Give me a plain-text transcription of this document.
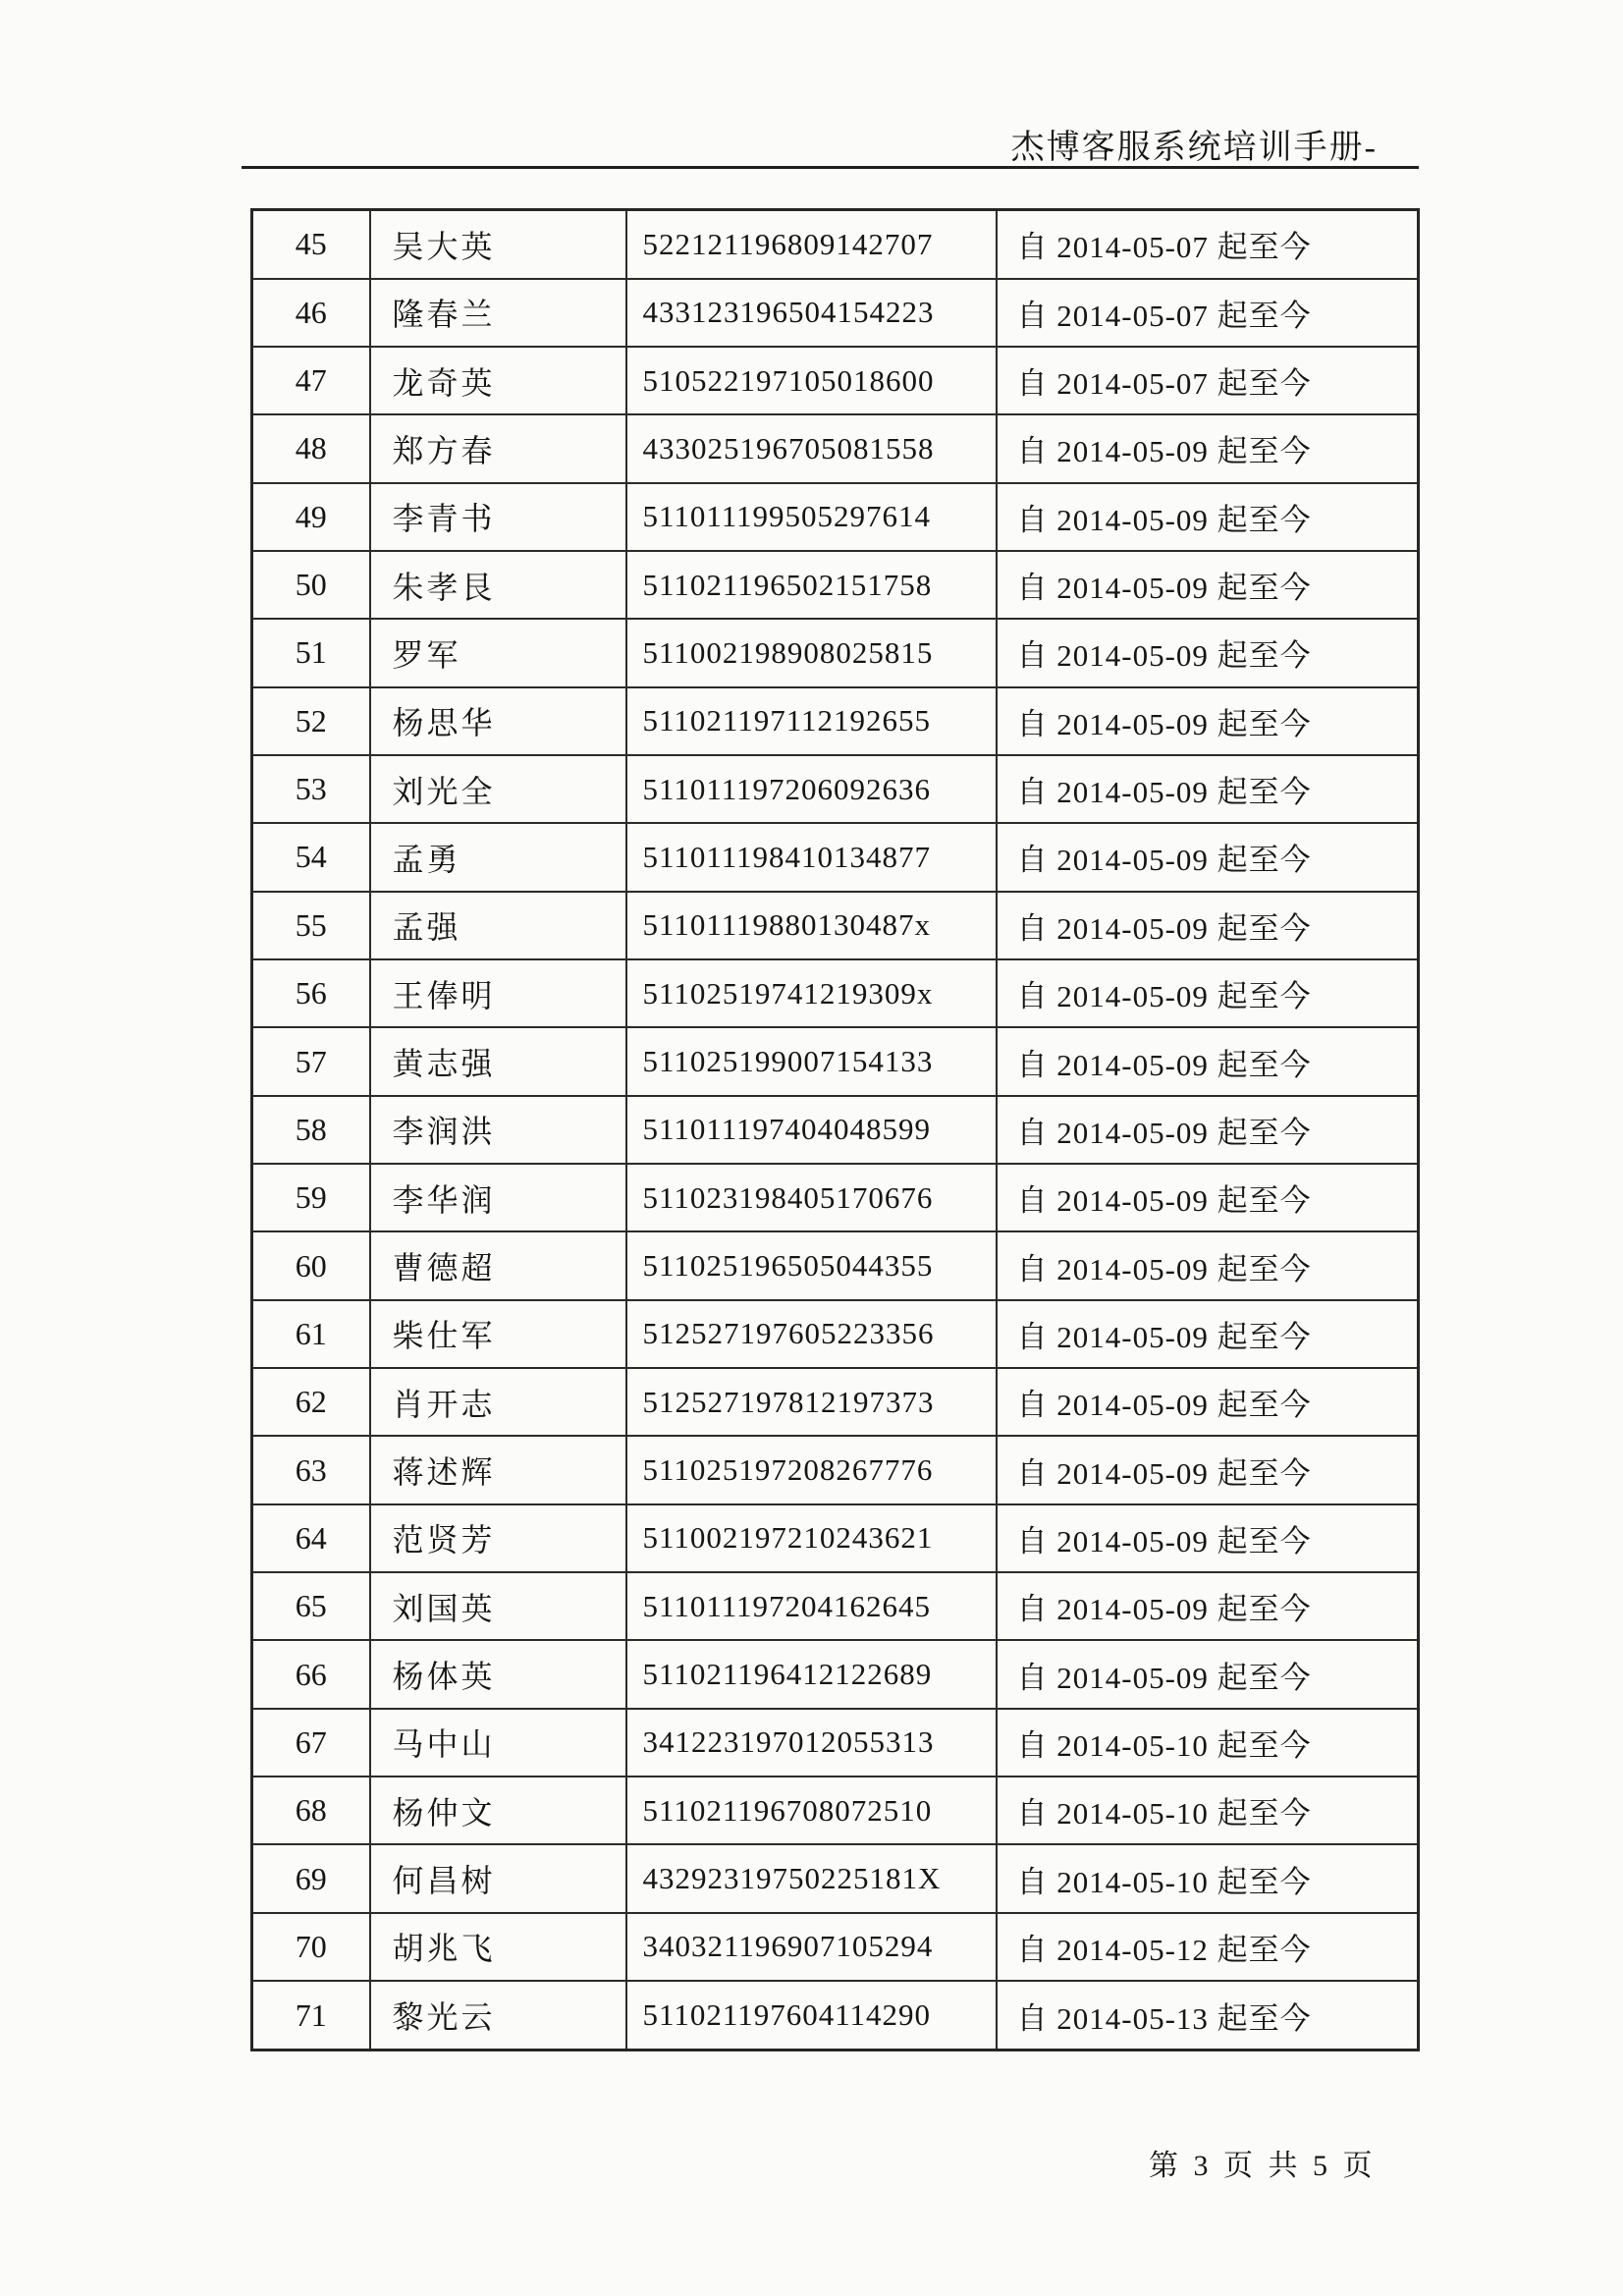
杰博客服系统培训手册-
45	吴大英	522121196809142707	自 2014-05-07 起至今
46	隆春兰	433123196504154223	自 2014-05-07 起至今
47	龙奇英	510522197105018600	自 2014-05-07 起至今
48	郑方春	433025196705081558	自 2014-05-09 起至今
49	李青书	511011199505297614	自 2014-05-09 起至今
50	朱孝艮	511021196502151758	自 2014-05-09 起至今
51	罗军	511002198908025815	自 2014-05-09 起至今
52	杨思华	511021197112192655	自 2014-05-09 起至今
53	刘光全	511011197206092636	自 2014-05-09 起至今
54	孟勇	511011198410134877	自 2014-05-09 起至今
55	孟强	51101119880130487x	自 2014-05-09 起至今
56	王俸明	51102519741219309x	自 2014-05-09 起至今
57	黄志强	511025199007154133	自 2014-05-09 起至今
58	李润洪	511011197404048599	自 2014-05-09 起至今
59	李华润	511023198405170676	自 2014-05-09 起至今
60	曹德超	511025196505044355	自 2014-05-09 起至今
61	柴仕军	512527197605223356	自 2014-05-09 起至今
62	肖开志	512527197812197373	自 2014-05-09 起至今
63	蒋述辉	511025197208267776	自 2014-05-09 起至今
64	范贤芳	511002197210243621	自 2014-05-09 起至今
65	刘国英	511011197204162645	自 2014-05-09 起至今
66	杨体英	511021196412122689	自 2014-05-09 起至今
67	马中山	341223197012055313	自 2014-05-10 起至今
68	杨仲文	511021196708072510	自 2014-05-10 起至今
69	何昌树	43292319750225181X	自 2014-05-10 起至今
70	胡兆飞	340321196907105294	自 2014-05-12 起至今
71	黎光云	511021197604114290	自 2014-05-13 起至今
第 3 页 共 5 页
